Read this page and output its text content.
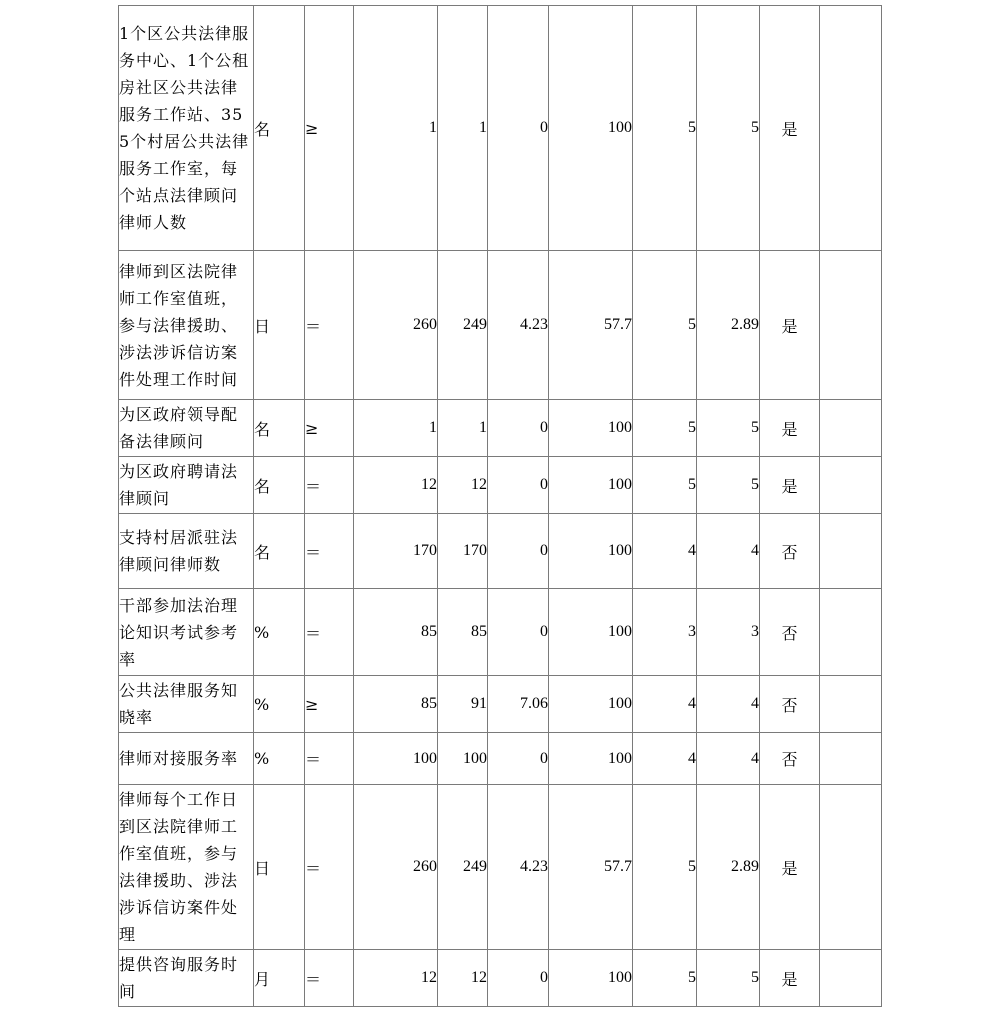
1个区公共法律服务中心、1个公租房社区公共法律服务工作站、355个村居公共法律服务工作室，每个站点法律顾问律师人数	名	≥	1	1	0	100	5	5	是	
律师到区法院律师工作室值班，参与法律援助、涉法涉诉信访案件处理工作时间	日	＝	260	249	4.23	57.7	5	2.89	是	
为区政府领导配备法律顾问	名	≥	1	1	0	100	5	5	是	
为区政府聘请法律顾问	名	＝	12	12	0	100	5	5	是	
支持村居派驻法律顾问律师数	名	＝	170	170	0	100	4	4	否	
干部参加法治理论知识考试参考率	%	＝	85	85	0	100	3	3	否	
公共法律服务知晓率	%	≥	85	91	7.06	100	4	4	否	
律师对接服务率	%	＝	100	100	0	100	4	4	否	
律师每个工作日到区法院律师工作室值班，参与法律援助、涉法涉诉信访案件处理	日	＝	260	249	4.23	57.7	5	2.89	是	
提供咨询服务时间	月	＝	12	12	0	100	5	5	是	
